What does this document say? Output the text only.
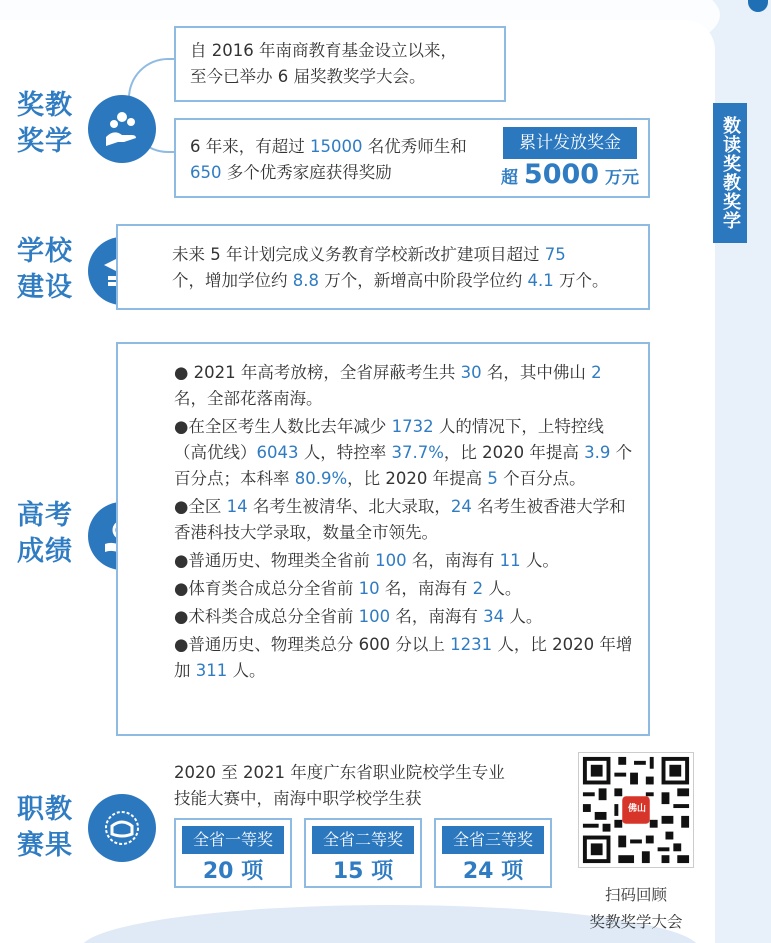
数读奖教奖学
奖教
奖学
自 2016 年南商教育基金设立以来，
至今已举办 6 届奖教奖学大会。
6 年来，有超过 15000 名优秀师生和
650 多个优秀家庭获得奖励
累计发放奖金
超 5000 万元
学校
建设
未来 5 年计划完成义务教育学校新改扩建项目超过 75
个，增加学位约 8.8 万个，新增高中阶段学位约 4.1 万个。
高考
成绩
● 2021 年高考放榜，全省屏蔽考生共 30 名，其中佛山 2 名，全部花落南海。
●在全区考生人数比去年减少 1732 人的情况下，上特控线（高优线）6043 人，特控率 37.7%，比 2020 年提高 3.9 个百分点；本科率 80.9%，比 2020 年提高 5 个百分点。
●全区 14 名考生被清华、北大录取，24 名考生被香港大学和香港科技大学录取，数量全市领先。
●普通历史、物理类全省前 100 名，南海有 11 人。
●体育类合成总分全省前 10 名，南海有 2 人。
●术科类合成总分全省前 100 名，南海有 34 人。
●普通历史、物理类总分 600 分以上 1231 人，比 2020 年增加 311 人。
职教
赛果
2020 至 2021 年度广东省职业院校学生专业
技能大赛中，南海中职学校学生获
全省一等奖
20 项
全省二等奖
15 项
全省三等奖
24 项
佛山
扫码回顾
奖教奖学大会
